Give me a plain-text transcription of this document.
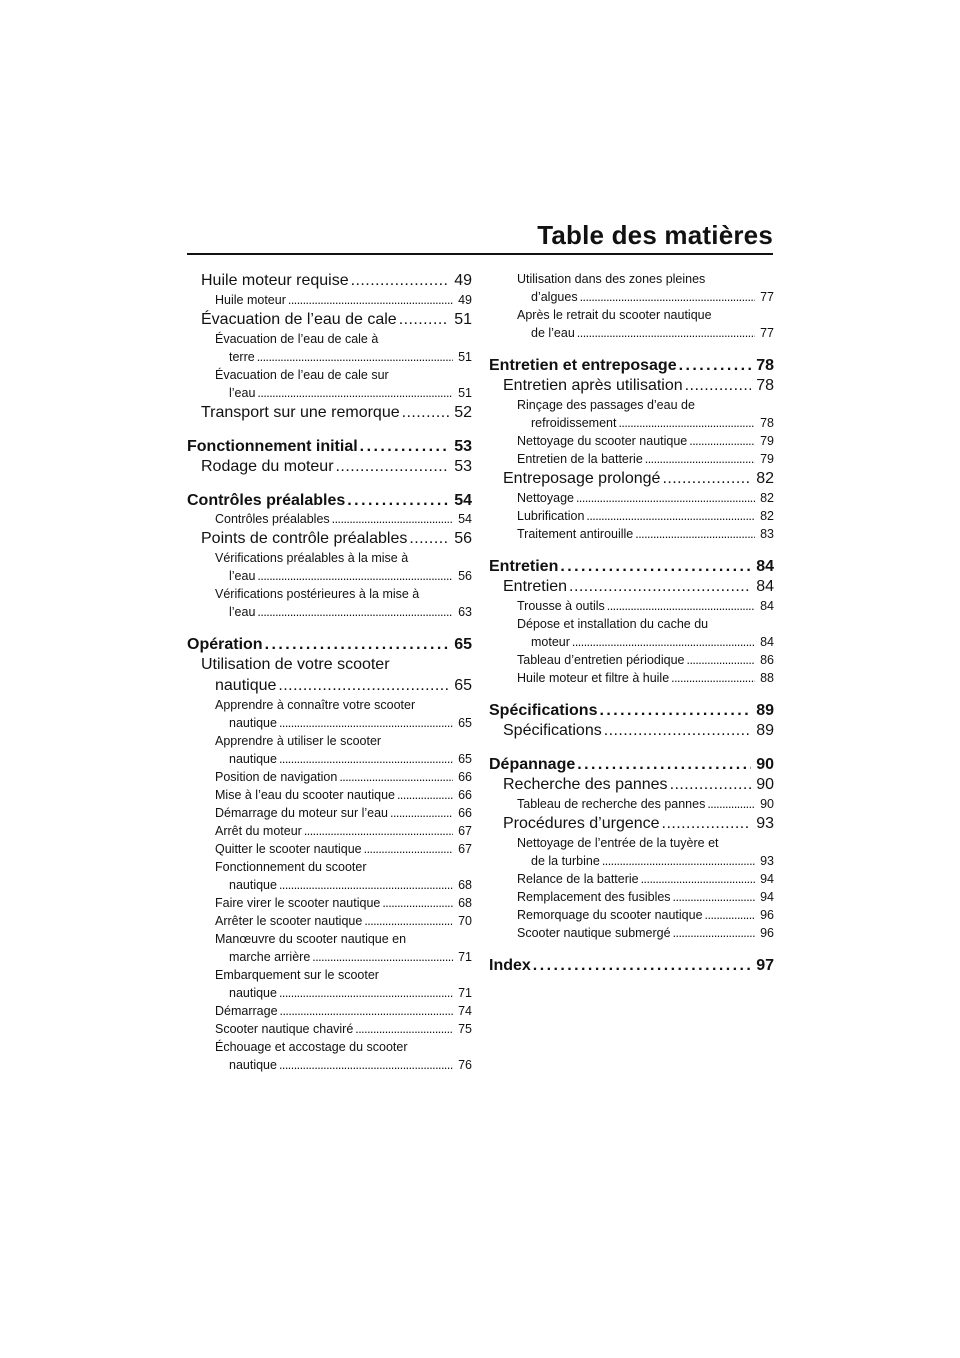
Table des matières
Huile moteur requise . . .	49
Huile moteur . . .	49
Évacuation de l’eau de cale . . .	51
Évacuation de l’eau de cale à
terre . . .	51
Évacuation de l’eau de cale sur
l’eau . . .	51
Transport sur une remorque . . .	52
Fonctionnement initial . . .	53
Rodage du moteur . . .	53
Contrôles préalables . . .	54
Contrôles préalables . . .	54
Points de contrôle préalables . . .	56
Vérifications préalables à la mise à
l’eau . . .	56
Vérifications postérieures à la mise à
l’eau . . .	63
Opération . . .	65
Utilisation de votre scooter
nautique . . .	65
Apprendre à connaître votre scooter
nautique . . .	65
Apprendre à utiliser le scooter
nautique . . .	65
Position de navigation . . .	66
Mise à l’eau du scooter nautique . . .	66
Démarrage du moteur sur l’eau . . .	66
Arrêt du moteur . . .	67
Quitter le scooter nautique . . .	67
Fonctionnement du scooter
nautique . . .	68
Faire virer le scooter nautique . . .	68
Arrêter le scooter nautique . . .	70
Manœuvre du scooter nautique en
marche arrière . . .	71
Embarquement sur le scooter
nautique . . .	71
Démarrage . . .	74
Scooter nautique chaviré . . .	75
Échouage et accostage du scooter
nautique . . .	76
Utilisation dans des zones pleines
d’algues . . .	77
Après le retrait du scooter nautique
de l’eau . . .	77
Entretien et entreposage . . .	78
Entretien après utilisation . . .	78
Rinçage des passages d’eau de
refroidissement . . .	78
Nettoyage du scooter nautique . . .	79
Entretien de la batterie . . .	79
Entreposage prolongé . . .	82
Nettoyage . . .	82
Lubrification . . .	82
Traitement antirouille . . .	83
Entretien . . .	84
Entretien . . .	84
Trousse à outils . . .	84
Dépose et installation du cache du
moteur . . .	84
Tableau d’entretien périodique . . .	86
Huile moteur et filtre à huile . . .	88
Spécifications . . .	89
Spécifications . . .	89
Dépannage . . .	90
Recherche des pannes . . .	90
Tableau de recherche des pannes . . .	90
Procédures d’urgence . . .	93
Nettoyage de l’entrée de la tuyère et
de la turbine . . .	93
Relance de la batterie . . .	94
Remplacement des fusibles . . .	94
Remorquage du scooter nautique . . .	96
Scooter nautique submergé . . .	96
Index . . .	97
